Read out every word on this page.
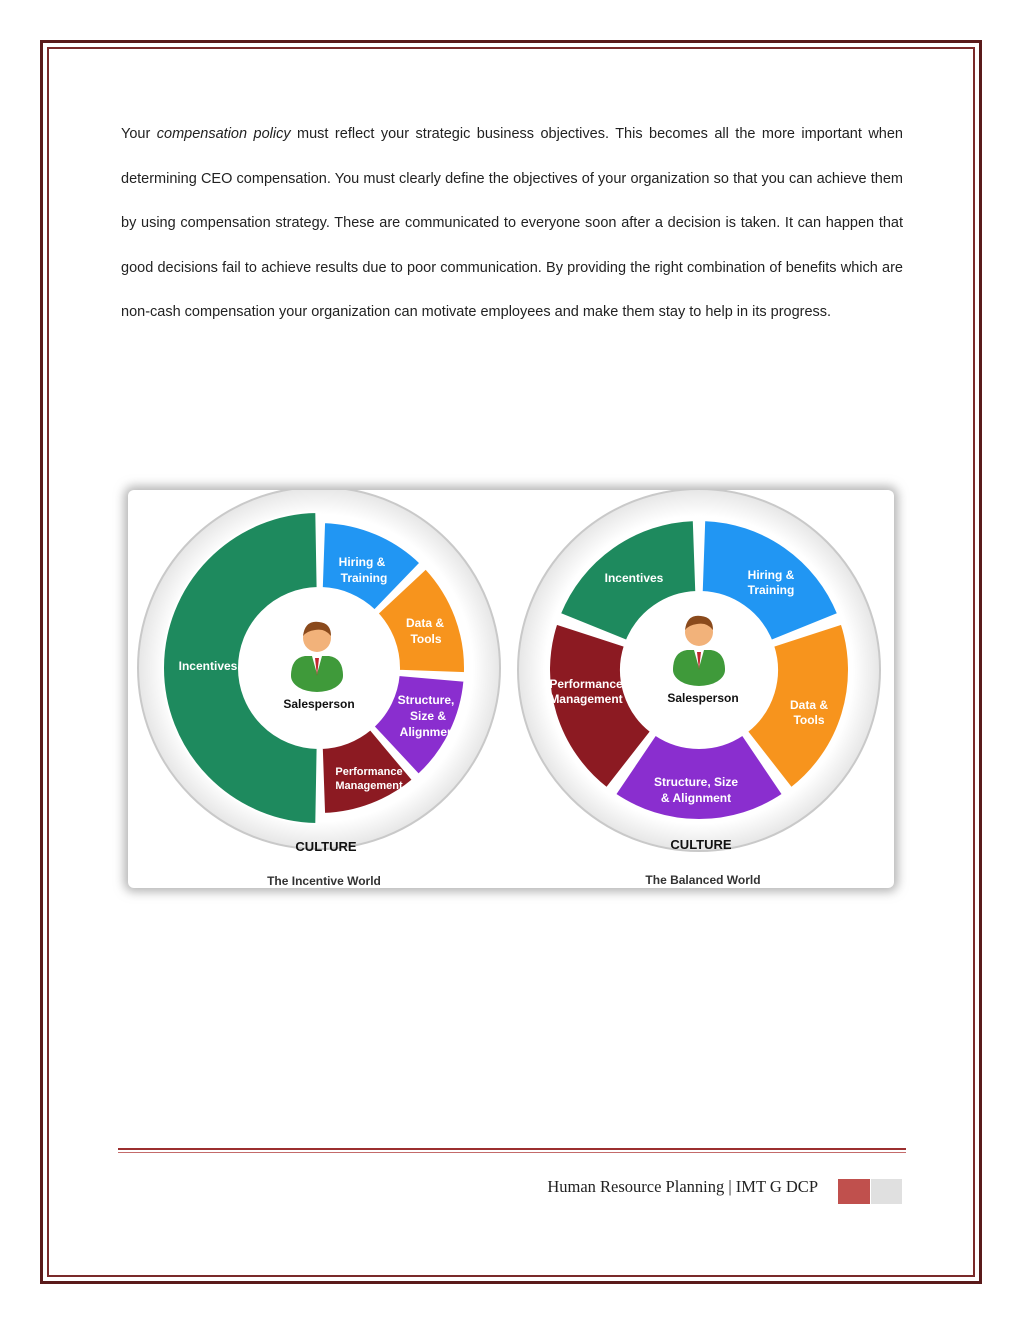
Your compensation policy must reflect your strategic business objectives. This becomes all the more important when determining CEO compensation. You must clearly define the objectives of your organization so that you can achieve them by using compensation strategy. These are communicated to everyone soon after a decision is taken. It can happen that good decisions fail to achieve results due to poor communication. By providing the right combination of benefits which are non-cash compensation your organization can motivate employees and make them stay to help in its progress.

Incentives
Hiring &
Training
Data &
Tools
Structure,
Size &
Alignment
Performance
Management
Salesperson
CULTURE
The Incentive World
Incentives	Hiring &
Training
Data &
Tools
Structure, Size
& Alignment
Performance
Management	Salesperson
CULTURE
The Balanced World
Human Resource Planning | IMT G DCP
